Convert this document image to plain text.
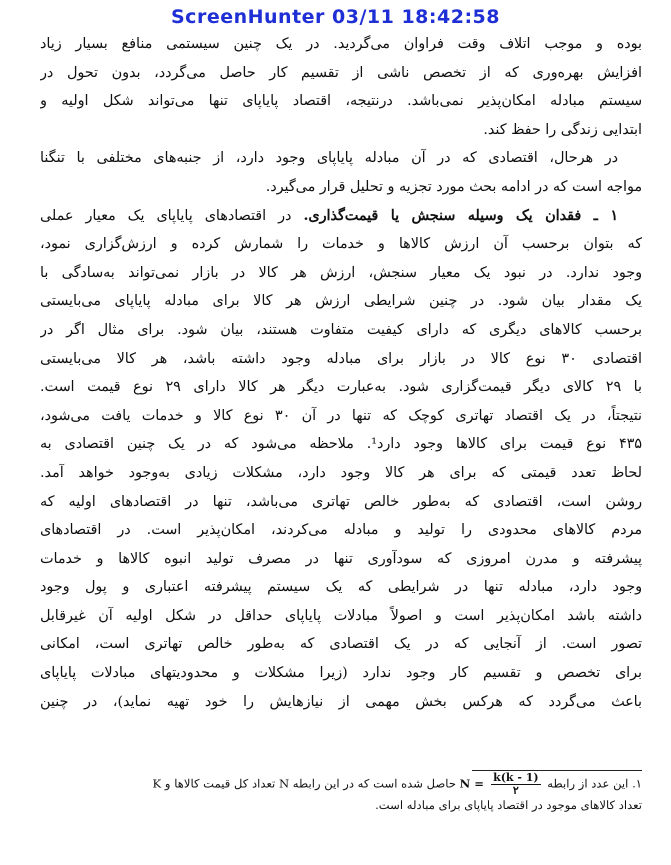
ScreenHunter 03/11 18:42:58
بوده و موجب اتلاف وقت فراوان می‌گردید. در یک چنین سیستمی منافع بسیار زیاد
افزایش بهره‌وری که از تخصص ناشی از تقسیم کار حاصل می‌گردد، بدون تحول در
سیستم مبادله امکان‌پذیر نمی‌باشد. درنتیجه، اقتصاد پایاپای تنها می‌تواند شکل اولیه و
ابتدایی زندگی را حفظ کند.
در هرحال، اقتصادی که در آن مبادله پایاپای وجود دارد، از جنبه‌های مختلفی با تنگنا
مواجه است که در ادامه بحث مورد تجزیه و تحلیل قرار می‌گیرد.
۱ ـ فقدان یک وسیله سنجش یا قیمت‌گذاری. در اقتصادهای پایاپای یک معیار عملی
که بتوان برحسب آن ارزش کالاها و خدمات را شمارش کرده و ارزش‌گزاری نمود،
وجود ندارد. در نبود یک معیار سنجش، ارزش هر کالا در بازار نمی‌تواند به‌سادگی با
یک مقدار بیان شود. در چنین شرایطی ارزش هر کالا برای مبادله پایاپای می‌بایستی
برحسب کالاهای دیگری که دارای کیفیت متفاوت هستند، بیان شود. برای مثال اگر در
اقتصادی ۳۰ نوع کالا در بازار برای مبادله وجود داشته باشد، هر کالا می‌بایستی
با ۲۹ کالای دیگر قیمت‌گزاری شود. به‌عبارت دیگر هر کالا دارای ۲۹ نوع قیمت است.
نتیجتاً، در یک اقتصاد تهاتری کوچک که تنها در آن ۳۰ نوع کالا و خدمات یافت می‌شود،
۴۳۵ نوع قیمت برای کالاها وجود دارد¹. ملاحظه می‌شود که در یک چنین اقتصادی به
لحاظ تعدد قیمتی که برای هر کالا وجود دارد، مشکلات زیادی به‌وجود خواهد آمد.
روشن است، اقتصادی که به‌طور خالص تهاتری می‌باشد، تنها در اقتصادهای اولیه که
مردم کالاهای محدودی را تولید و مبادله می‌کردند، امکان‌پذیر است. در اقتصادهای
پیشرفته و مدرن امروزی که سودآوری تنها در مصرف تولید انبوه کالاها و خدمات
وجود دارد، مبادله تنها در شرایطی که یک سیستم پیشرفته اعتباری و پول وجود
داشته باشد امکان‌پذیر است و اصولاً مبادلات پایاپای حداقل در شکل اولیه آن غیرقابل
تصور است. از آنجایی که در یک اقتصادی که به‌طور خالص تهاتری است، امکانی
برای تخصص و تقسیم کار وجود ندارد (زیرا مشکلات و محدودیتهای مبادلات پایاپای
باعث می‌گردد که هرکس بخش مهمی از نیازهایش را خود تهیه نماید)، در چنین
۱. این عدد از رابطه $N = \frac{k(k - 1)}{۲}$
حاصل شده است که در این رابطه N تعداد کل قیمت کالاها و K
تعداد کالاهای موجود در اقتصاد پایاپای برای مبادله است.
